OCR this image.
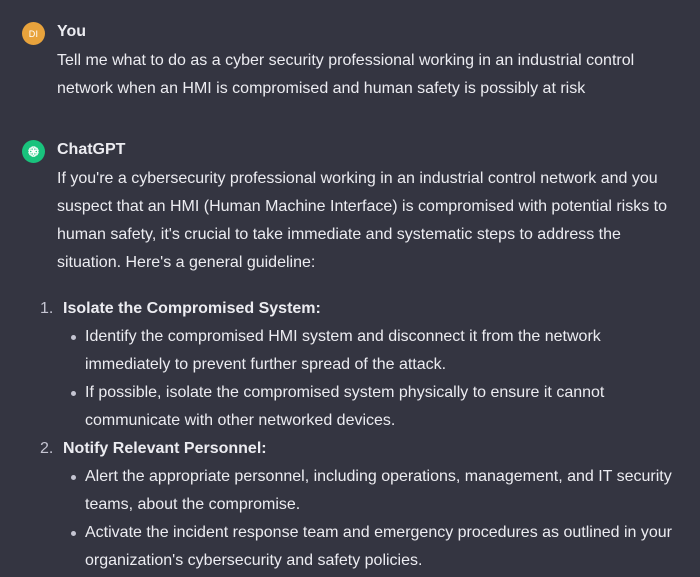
DI You

Tell me what to do as a cyber security professional working in an industrial control network when an HMI is compromised and human safety is possibly at risk

ChatGPT

If you're a cybersecurity professional working in an industrial control network and you suspect that an HMI (Human Machine Interface) is compromised with potential risks to human safety, it's crucial to take immediate and systematic steps to address the situation. Here's a general guideline:

1. Isolate the Compromised System:
Identify the compromised HMI system and disconnect it from the network immediately to prevent further spread of the attack.
If possible, isolate the compromised system physically to ensure it cannot communicate with other networked devices.
2. Notify Relevant Personnel:
Alert the appropriate personnel, including operations, management, and IT security teams, about the compromise.
Activate the incident response team and emergency procedures as outlined in your organization's cybersecurity and safety policies.
